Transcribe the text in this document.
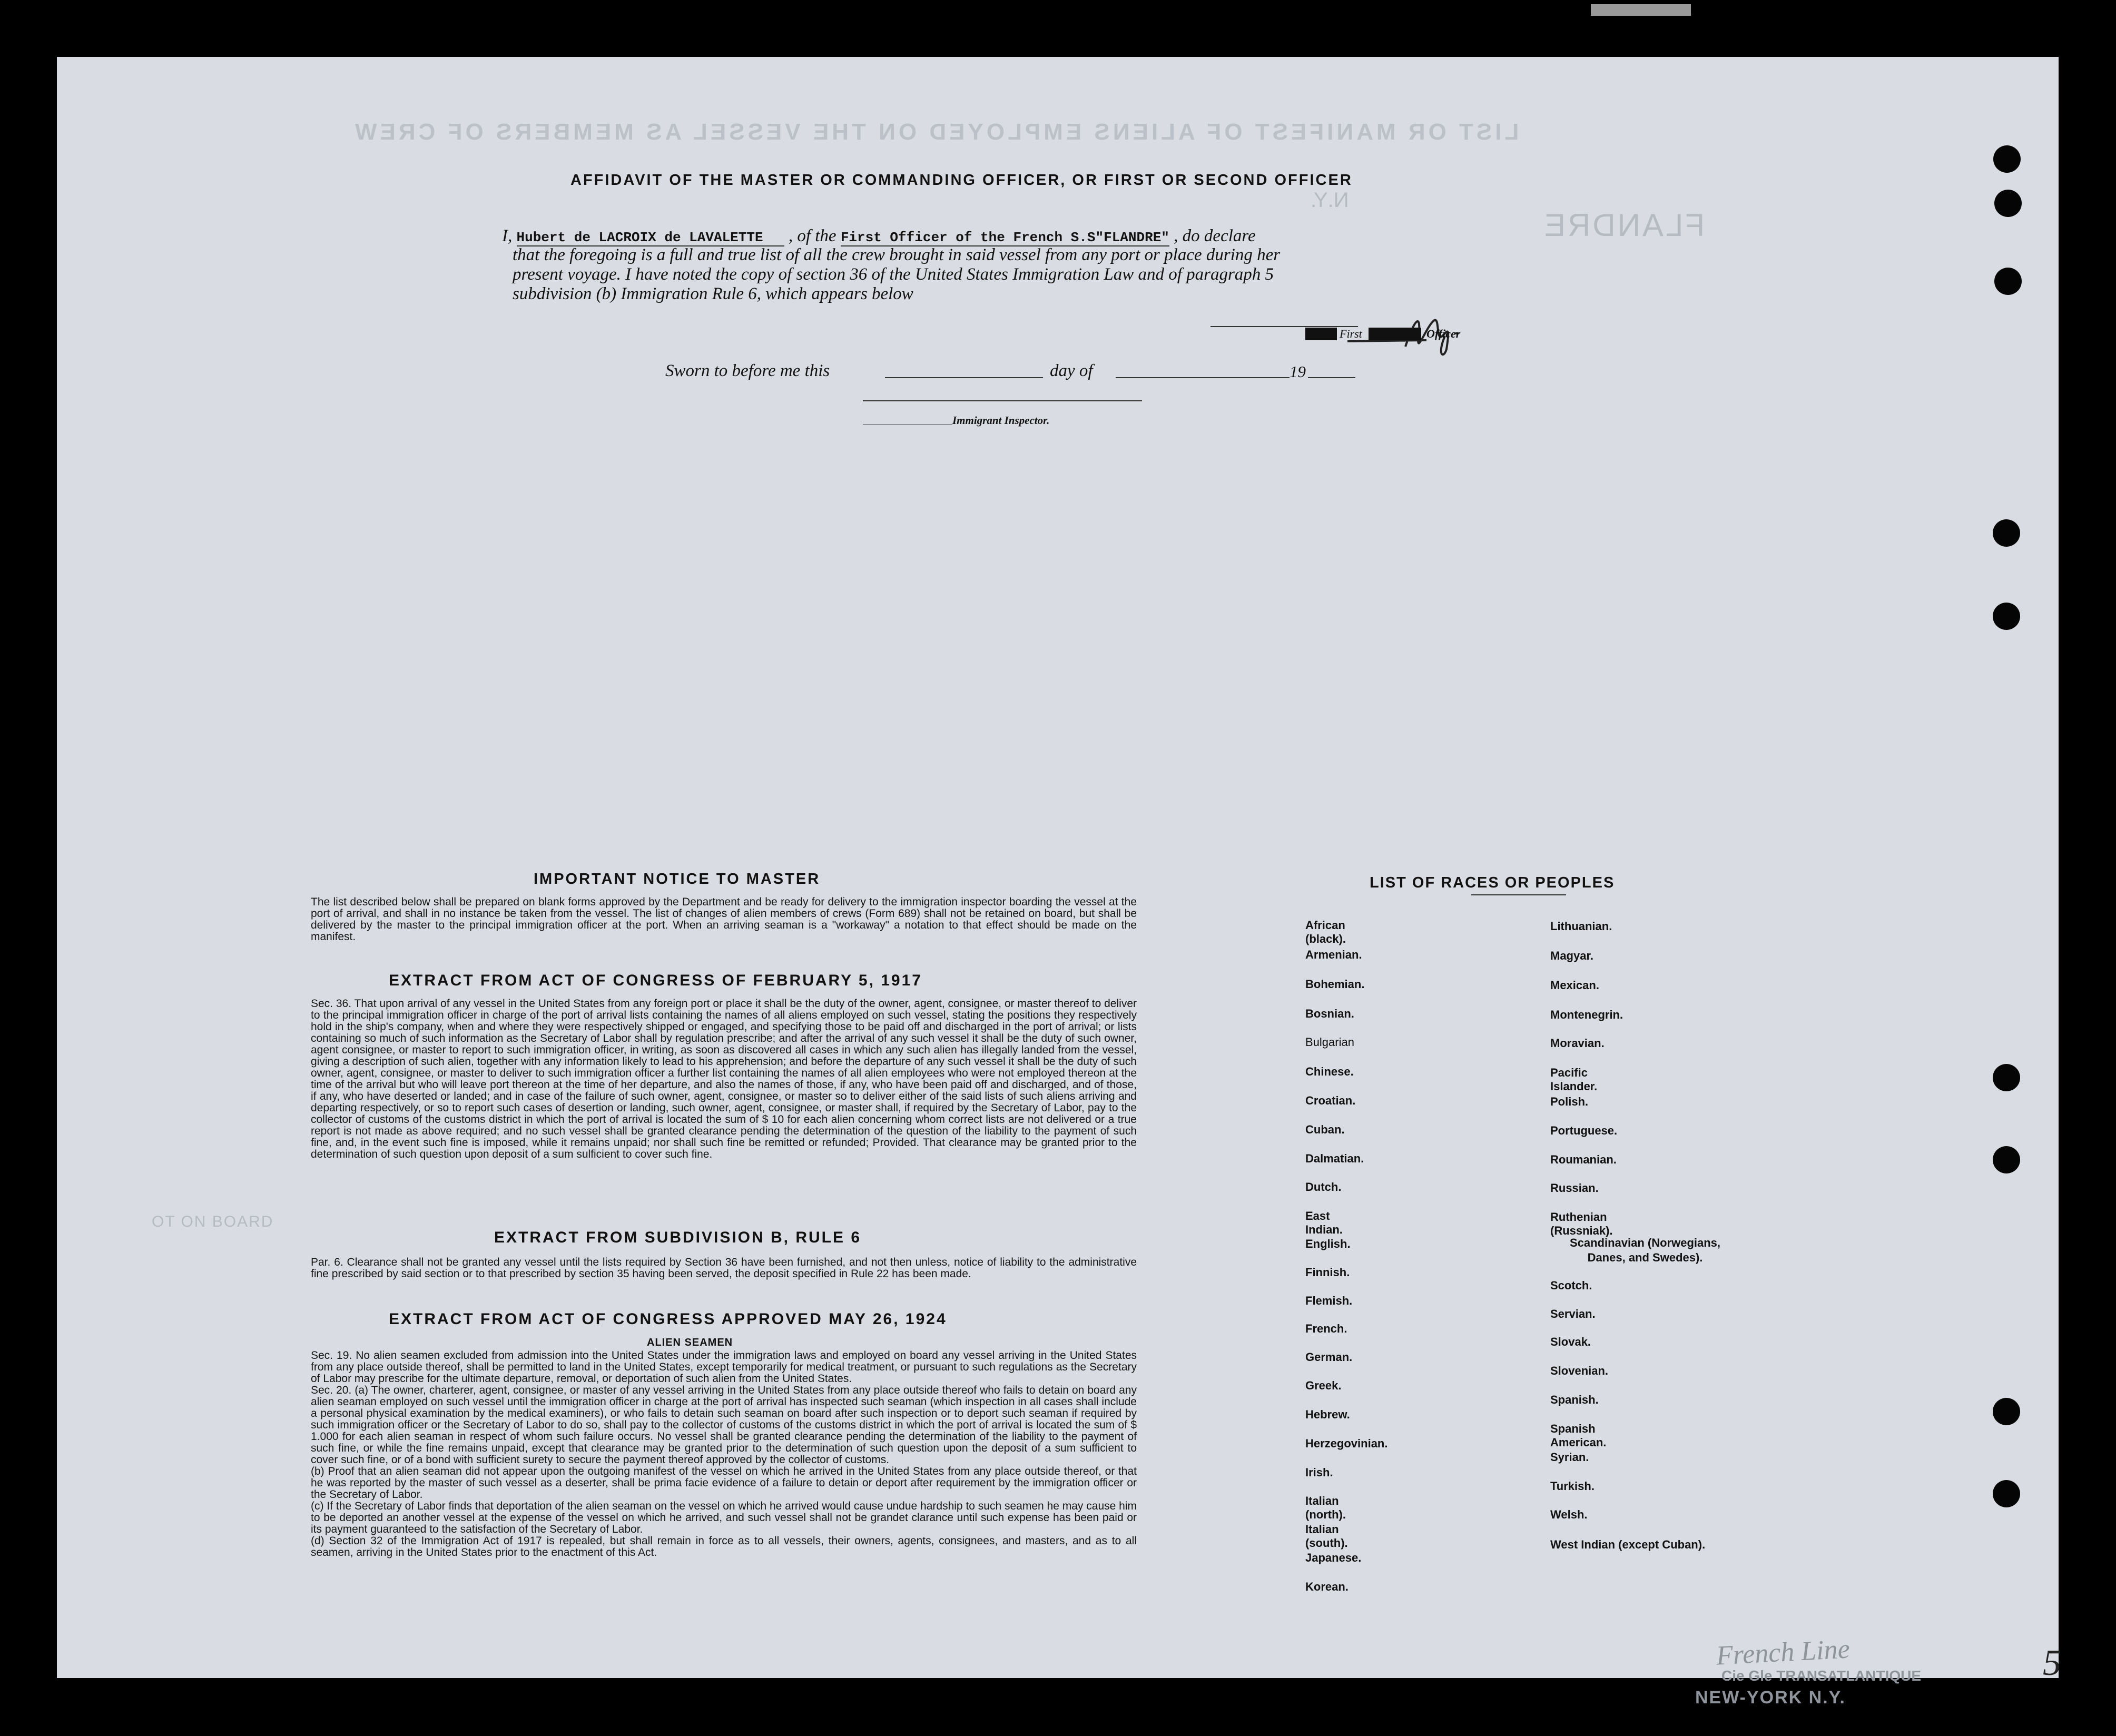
LIST OR MANIFEST OF ALIENS EMPLOYED ON THE VESSEL AS MEMBERS OF CREW
FLANDRE
N.Y.
OT ON BOARD
AFFIDAVIT OF THE MASTER OR COMMANDING OFFICER, OR FIRST OR SECOND OFFICER
I, Hubert de LACROIX de LAVALETTE , of the First Officer of the French S.S"FLANDRE" , do declare
that the foregoing is a full and true list of all the crew brought in said vessel from any port or place during her
present voyage. I have noted the copy of section 36 of the United States Immigration Law and of paragraph 5
subdivision (b) Immigration Rule 6, which appears below
First	Officer
Sworn to before me this	day of	19
Immigrant Inspector.
IMPORTANT NOTICE TO MASTER
The list described below shall be prepared on blank forms approved by the Department and be ready for delivery to the immigration inspector boarding the vessel at the port of arrival, and shall in no instance be taken from the vessel. The list of changes of alien members of crews (Form 689) shall not be retained on board, but shall be delivered by the master to the principal immigration officer at the port. When an arriving seaman is a "workaway" a notation to that effect should be made on the manifest.
EXTRACT FROM ACT OF CONGRESS OF FEBRUARY 5, 1917
Sec. 36. That upon arrival of any vessel in the United States from any foreign port or place it shall be the duty of the owner, agent, consignee, or master thereof to deliver to the principal immigration officer in charge of the port of arrival lists containing the names of all aliens employed on such vessel, stating the positions they respectively hold in the ship's company, when and where they were respectively shipped or engaged, and specifying those to be paid off and discharged in the port of arrival; or lists containing so much of such information as the Secretary of Labor shall by regulation prescribe; and after the arrival of any such vessel it shall be the duty of such owner, agent consignee, or master to report to such immigration officer, in writing, as soon as discovered all cases in which any such alien has illegally landed from the vessel, giving a description of such alien, together with any information likely to lead to his apprehension; and before the departure of any such vessel it shall be the duty of such owner, agent, consignee, or master to deliver to such immigration officer a further list containing the names of all alien employees who were not employed thereon at the time of the arrival but who will leave port thereon at the time of her departure, and also the names of those, if any, who have been paid off and discharged, and of those, if any, who have deserted or landed; and in case of the failure of such owner, agent, consignee, or master so to deliver either of the said lists of such aliens arriving and departing respectively, or so to report such cases of desertion or landing, such owner, agent, consignee, or master shall, if required by the Secretary of Labor, pay to the collector of customs of the customs district in which the port of arrival is located the sum of $ 10 for each alien concerning whom correct lists are not delivered or a true report is not made as above required; and no such vessel shall be granted clearance pending the determination of the question of the liability to the payment of such fine, and, in the event such fine is imposed, while it remains unpaid; nor shall such fine be remitted or refunded; Provided. That clearance may be granted prior to the determination of such question upon deposit of a sum sulficient to cover such fine.
EXTRACT FROM SUBDIVISION B, RULE 6
Par. 6. Clearance shall not be granted any vessel until the lists required by Section 36 have been furnished, and not then unless, notice of liability to the administrative fine prescribed by said section or to that prescribed by section 35 having been served, the deposit specified in Rule 22 has been made.
EXTRACT FROM ACT OF CONGRESS APPROVED MAY 26, 1924
ALIEN SEAMEN
Sec. 19. No alien seamen excluded from admission into the United States under the immigration laws and employed on board any vessel arriving in the United States from any place outside thereof, shall be permitted to land in the United States, except temporarily for medical treatment, or pursuant to such regulations as the Secretary of Labor may prescribe for the ultimate departure, removal, or deportation of such alien from the United States.
Sec. 20. (a) The owner, charterer, agent, consignee, or master of any vessel arriving in the United States from any place outside thereof who fails to detain on board any alien seaman employed on such vessel until the immigration officer in charge at the port of arrival has inspected such seaman (which inspection in all cases shall include a personal physical examination by the medical examiners), or who fails to detain such seaman on board after such inspection or to deport such seaman if required by such immigration officer or the Secretary of Labor to do so, shall pay to the collector of customs of the customs district in which the port of arrival is located the sum of $ 1.000 for each alien seaman in respect of whom such failure occurs. No vessel shall be granted clearance pending the determination of the liability to the payment of such fine, or while the fine remains unpaid, except that clearance may be granted prior to the determination of such question upon the deposit of a sum sufficient to cover such fine, or of a bond with sufficient surety to secure the payment thereof approved by the collector of customs.
(b) Proof that an alien seaman did not appear upon the outgoing manifest of the vessel on which he arrived in the United States from any place outside thereof, or that he was reported by the master of such vessel as a deserter, shall be prima facie evidence of a failure to detain or deport after requirement by the immigration officer or the Secretary of Labor.
(c) If the Secretary of Labor finds that deportation of the alien seaman on the vessel on which he arrived would cause undue hardship to such seamen he may cause him to be deported an another vessel at the expense of the vessel on which he arrived, and such vessel shall not be grandet clarance until such expense has been paid or its payment guaranteed to the satisfaction of the Secretary of Labor.
(d) Section 32 of the Immigration Act of 1917 is repealed, but shall remain in force as to all vessels, their owners, agents, consignees, and masters, and as to all seamen, arriving in the United States prior to the enactment of this Act.
LIST OF RACES OR PEOPLES
African (black).
Armenian.
Bohemian.
Bosnian.
Bulgarian
Chinese.
Croatian.
Cuban.
Dalmatian.
Dutch.
East Indian.
English.
Finnish.
Flemish.
French.
German.
Greek.
Hebrew.
Herzegovinian.
Irish.
Italian (north).
Italian (south).
Japanese.
Korean.
Lithuanian.
Magyar.
Mexican.
Montenegrin.
Moravian.
Pacific Islander.
Polish.
Portuguese.
Roumanian.
Russian.
Ruthenian (Russniak).
Scandinavian (Norwegians, Danes, and Swedes).
Scotch.
Servian.
Slovak.
Slovenian.
Spanish.
Spanish American.
Syrian.
Turkish.
Welsh.
West Indian (except Cuban).
French Line
Cie Gle TRANSATLANTIQUE
NEW-YORK N.Y.
5
